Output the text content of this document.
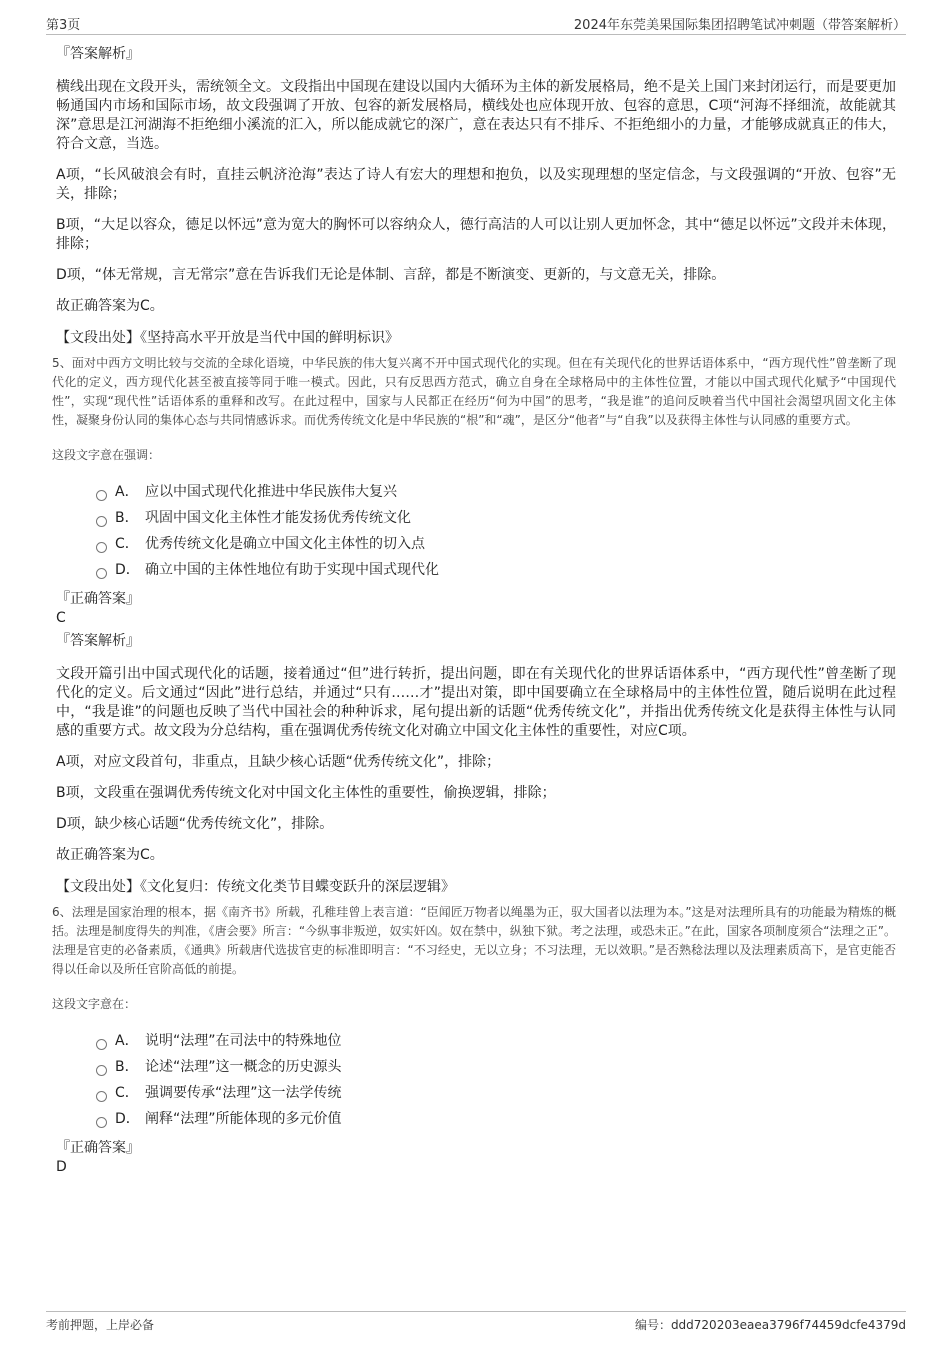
第3页	2024年东莞美果国际集团招聘笔试冲刺题（带答案解析）

『答案解析』

横线出现在文段开头，需统领全文。文段指出中国现在建设以国内大循环为主体的新发展格局，绝不是关上国门来封闭运行，而是要更加畅通国内市场和国际市场，故文段强调了开放、包容的新发展格局，横线处也应体现开放、包容的意思，C项“河海不择细流，故能就其深”意思是江河湖海不拒绝细小溪流的汇入，所以能成就它的深广，意在表达只有不排斥、不拒绝细小的力量，才能够成就真正的伟大，符合文意，当选。

A项，“长风破浪会有时，直挂云帆济沧海”表达了诗人有宏大的理想和抱负，以及实现理想的坚定信念，与文段强调的“开放、包容”无关，排除；

B项，“大足以容众，德足以怀远”意为宽大的胸怀可以容纳众人，德行高洁的人可以让别人更加怀念，其中“德足以怀远”文段并未体现，排除；

D项，“体无常规，言无常宗”意在告诉我们无论是体制、言辞，都是不断演变、更新的，与文意无关，排除。

故正确答案为C。

【文段出处】《坚持高水平开放是当代中国的鲜明标识》

5、面对中西方文明比较与交流的全球化语境，中华民族的伟大复兴离不开中国式现代化的实现。但在有关现代化的世界话语体系中，“西方现代性”曾垄断了现代化的定义，西方现代化甚至被直接等同于唯一模式。因此，只有反思西方范式，确立自身在全球格局中的主体性位置，才能以中国式现代化赋予“中国现代性”，实现“现代性”话语体系的重释和改写。在此过程中，国家与人民都正在经历“何为中国”的思考，“我是谁”的追问反映着当代中国社会渴望巩固文化主体性，凝聚身份认同的集体心态与共同情感诉求。而优秀传统文化是中华民族的“根”和“魂”，是区分“他者”与“自我”以及获得主体性与认同感的重要方式。

这段文字意在强调：

A． 应以中国式现代化推进中华民族伟大复兴
B． 巩固中国文化主体性才能发扬优秀传统文化
C． 优秀传统文化是确立中国文化主体性的切入点
D． 确立中国的主体性地位有助于实现中国式现代化

『正确答案』

C

『答案解析』

文段开篇引出中国式现代化的话题，接着通过“但”进行转折，提出问题，即在有关现代化的世界话语体系中，“西方现代性”曾垄断了现代化的定义。后文通过“因此”进行总结，并通过“只有……才”提出对策，即中国要确立在全球格局中的主体性位置，随后说明在此过程中，“我是谁”的问题也反映了当代中国社会的种种诉求，尾句提出新的话题“优秀传统文化”，并指出优秀传统文化是获得主体性与认同感的重要方式。故文段为分总结构，重在强调优秀传统文化对确立中国文化主体性的重要性，对应C项。

A项，对应文段首句，非重点，且缺少核心话题“优秀传统文化”，排除；

B项，文段重在强调优秀传统文化对中国文化主体性的重要性，偷换逻辑，排除；

D项，缺少核心话题“优秀传统文化”，排除。

故正确答案为C。

【文段出处】《文化复归：传统文化类节目蝶变跃升的深层逻辑》

6、法理是国家治理的根本，据《南齐书》所载，孔稚珪曾上表言道：“臣闻匠万物者以绳墨为正，驭大国者以法理为本。”这是对法理所具有的功能最为精炼的概括。法理是制度得失的判准，《唐会要》所言：“今纵事非叛逆，奴实奸凶。奴在禁中，纵独下狱。考之法理，或恐未正。”在此，国家各项制度须合“法理之正”。法理是官吏的必备素质，《通典》所载唐代选拔官吏的标准即明言：“不习经史，无以立身；不习法理，无以效职。”是否熟稔法理以及法理素质高下，是官吏能否得以任命以及所任官阶高低的前提。

这段文字意在：

A． 说明“法理”在司法中的特殊地位
B． 论述“法理”这一概念的历史源头
C． 强调要传承“法理”这一法学传统
D． 阐释“法理”所能体现的多元价值

『正确答案』

D

考前押题，上岸必备	编号：ddd720203eaea3796f74459dcfe4379d
